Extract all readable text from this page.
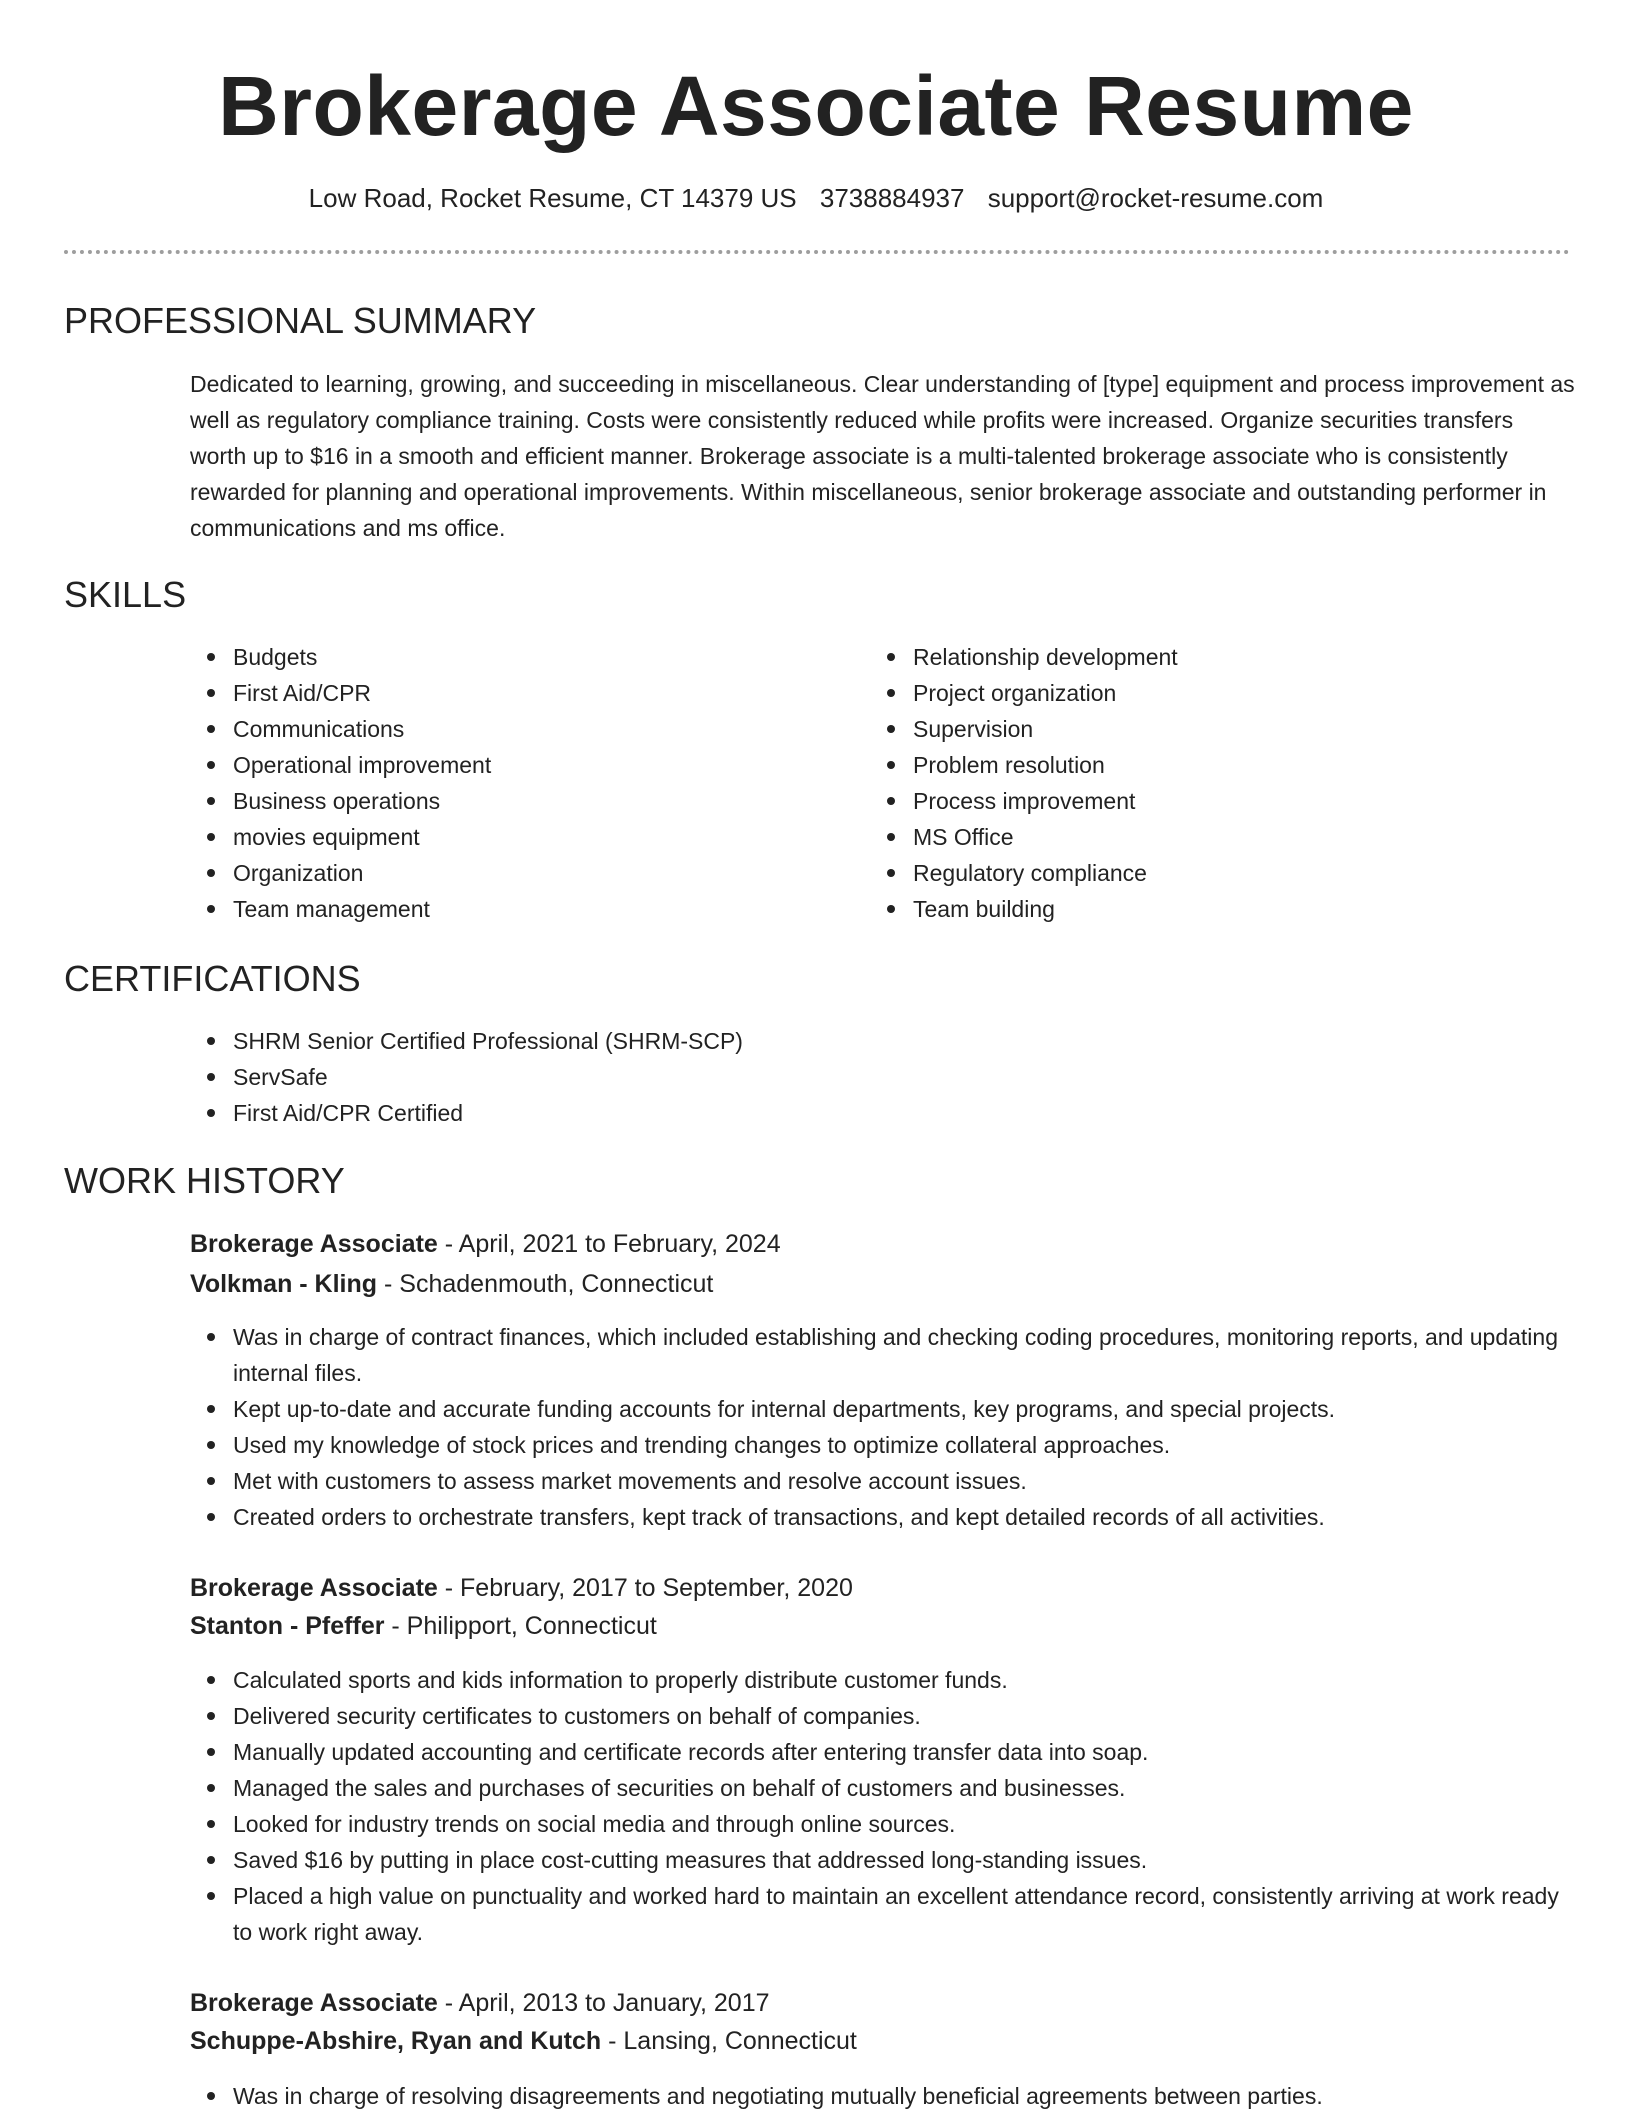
Brokerage Associate Resume
Low Road, Rocket Resume, CT 14379 US 3738884937 support@rocket-resume.com
PROFESSIONAL SUMMARY

Dedicated to learning, growing, and succeeding in miscellaneous. Clear understanding of [type] equipment and process improvement as well as regulatory compliance training. Costs were consistently reduced while profits were increased. Organize securities transfers worth up to $16 in a smooth and efficient manner. Brokerage associate is a multi-talented brokerage associate who is consistently rewarded for planning and operational improvements. Within miscellaneous, senior brokerage associate and outstanding performer in communications and ms office.

SKILLS
Budgets
First Aid/CPR
Communications
Operational improvement
Business operations
movies equipment
Organization
Team management
Relationship development
Project organization
Supervision
Problem resolution
Process improvement
MS Office
Regulatory compliance
Team building
CERTIFICATIONS
SHRM Senior Certified Professional (SHRM-SCP)
ServSafe
First Aid/CPR Certified
WORK HISTORY
Brokerage Associate - April, 2021 to February, 2024
Volkman - Kling - Schadenmouth, Connecticut
Was in charge of contract finances, which included establishing and checking coding procedures, monitoring reports, and updating internal files.
Kept up-to-date and accurate funding accounts for internal departments, key programs, and special projects.
Used my knowledge of stock prices and trending changes to optimize collateral approaches.
Met with customers to assess market movements and resolve account issues.
Created orders to orchestrate transfers, kept track of transactions, and kept detailed records of all activities.
Brokerage Associate - February, 2017 to September, 2020
Stanton - Pfeffer - Philipport, Connecticut
Calculated sports and kids information to properly distribute customer funds.
Delivered security certificates to customers on behalf of companies.
Manually updated accounting and certificate records after entering transfer data into soap.
Managed the sales and purchases of securities on behalf of customers and businesses.
Looked for industry trends on social media and through online sources.
Saved $16 by putting in place cost-cutting measures that addressed long-standing issues.
Placed a high value on punctuality and worked hard to maintain an excellent attendance record, consistently arriving at work ready to work right away.
Brokerage Associate - April, 2013 to January, 2017
Schuppe-Abshire, Ryan and Kutch - Lansing, Connecticut
Was in charge of resolving disagreements and negotiating mutually beneficial agreements between parties.
